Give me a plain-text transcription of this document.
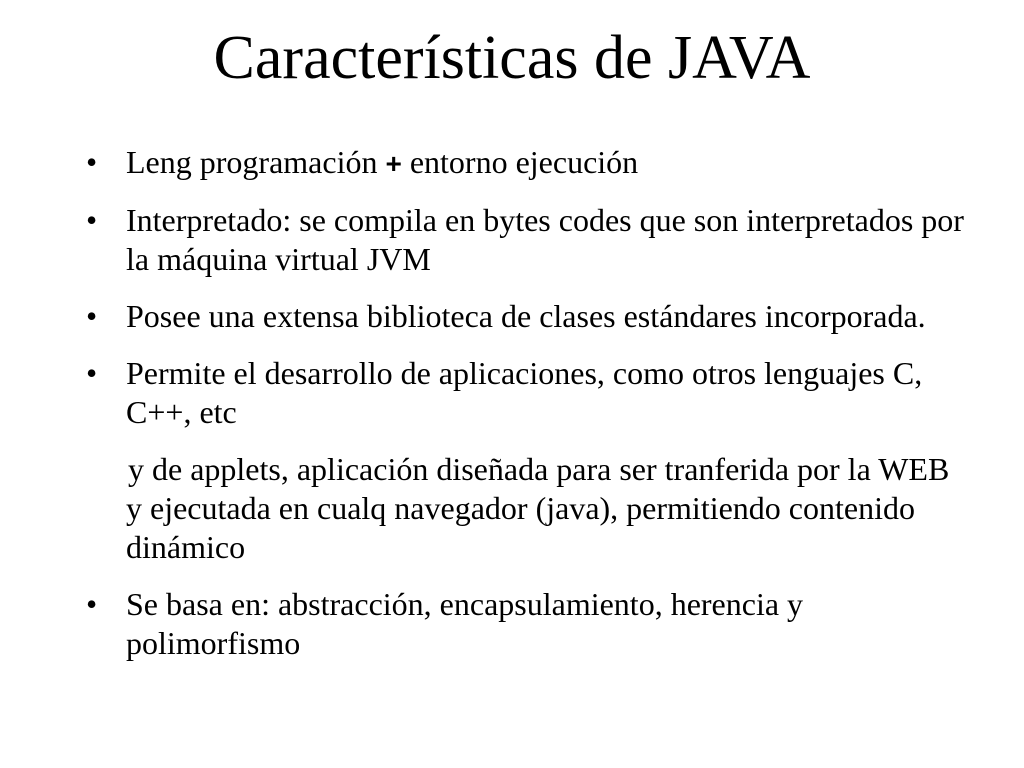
Características de JAVA
• Leng programación + entorno ejecución
• Interpretado: se compila en bytes codes que son interpretados por la máquina virtual JVM
• Posee una extensa biblioteca de clases estándares incorporada.
• Permite el desarrollo de aplicaciones, como otros lenguajes C, C++, etc
y de applets, aplicación diseñada para ser tranferida por la WEB y ejecutada en cualq navegador (java), permitiendo contenido dinámico
• Se basa en: abstracción, encapsulamiento, herencia y polimorfismo
